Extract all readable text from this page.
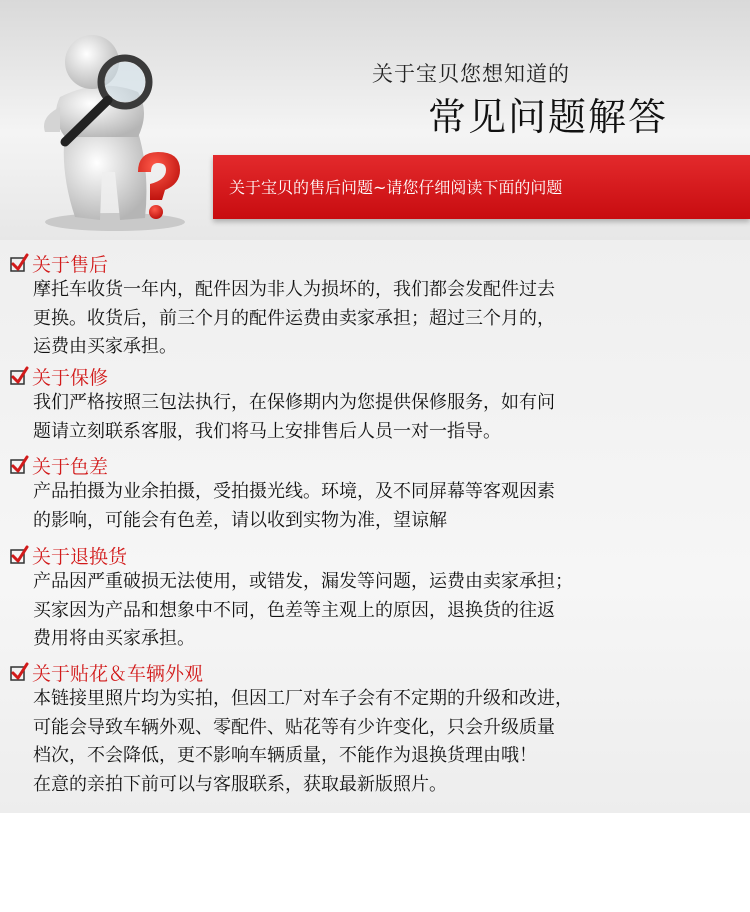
关于宝贝您想知道的
常见问题解答
关于宝贝的售后问题~请您仔细阅读下面的问题
关于售后

摩托车收货一年内，配件因为非人为损坏的，我们都会发配件过去

更换。收货后，前三个月的配件运费由卖家承担；超过三个月的，

运费由买家承担。

关于保修

我们严格按照三包法执行，在保修期内为您提供保修服务，如有问

题请立刻联系客服，我们将马上安排售后人员一对一指导。

关于色差

产品拍摄为业余拍摄，受拍摄光线。环境，及不同屏幕等客观因素

的影响，可能会有色差，请以收到实物为准，望谅解

关于退换货

产品因严重破损无法使用，或错发，漏发等问题，运费由卖家承担；

买家因为产品和想象中不同，色差等主观上的原因，退换货的往返

费用将由买家承担。

关于贴花＆车辆外观

本链接里照片均为实拍，但因工厂对车子会有不定期的升级和改进，

可能会导致车辆外观、零配件、贴花等有少许变化，只会升级质量

档次，不会降低，更不影响车辆质量，不能作为退换货理由哦！

在意的亲拍下前可以与客服联系，获取最新版照片。
